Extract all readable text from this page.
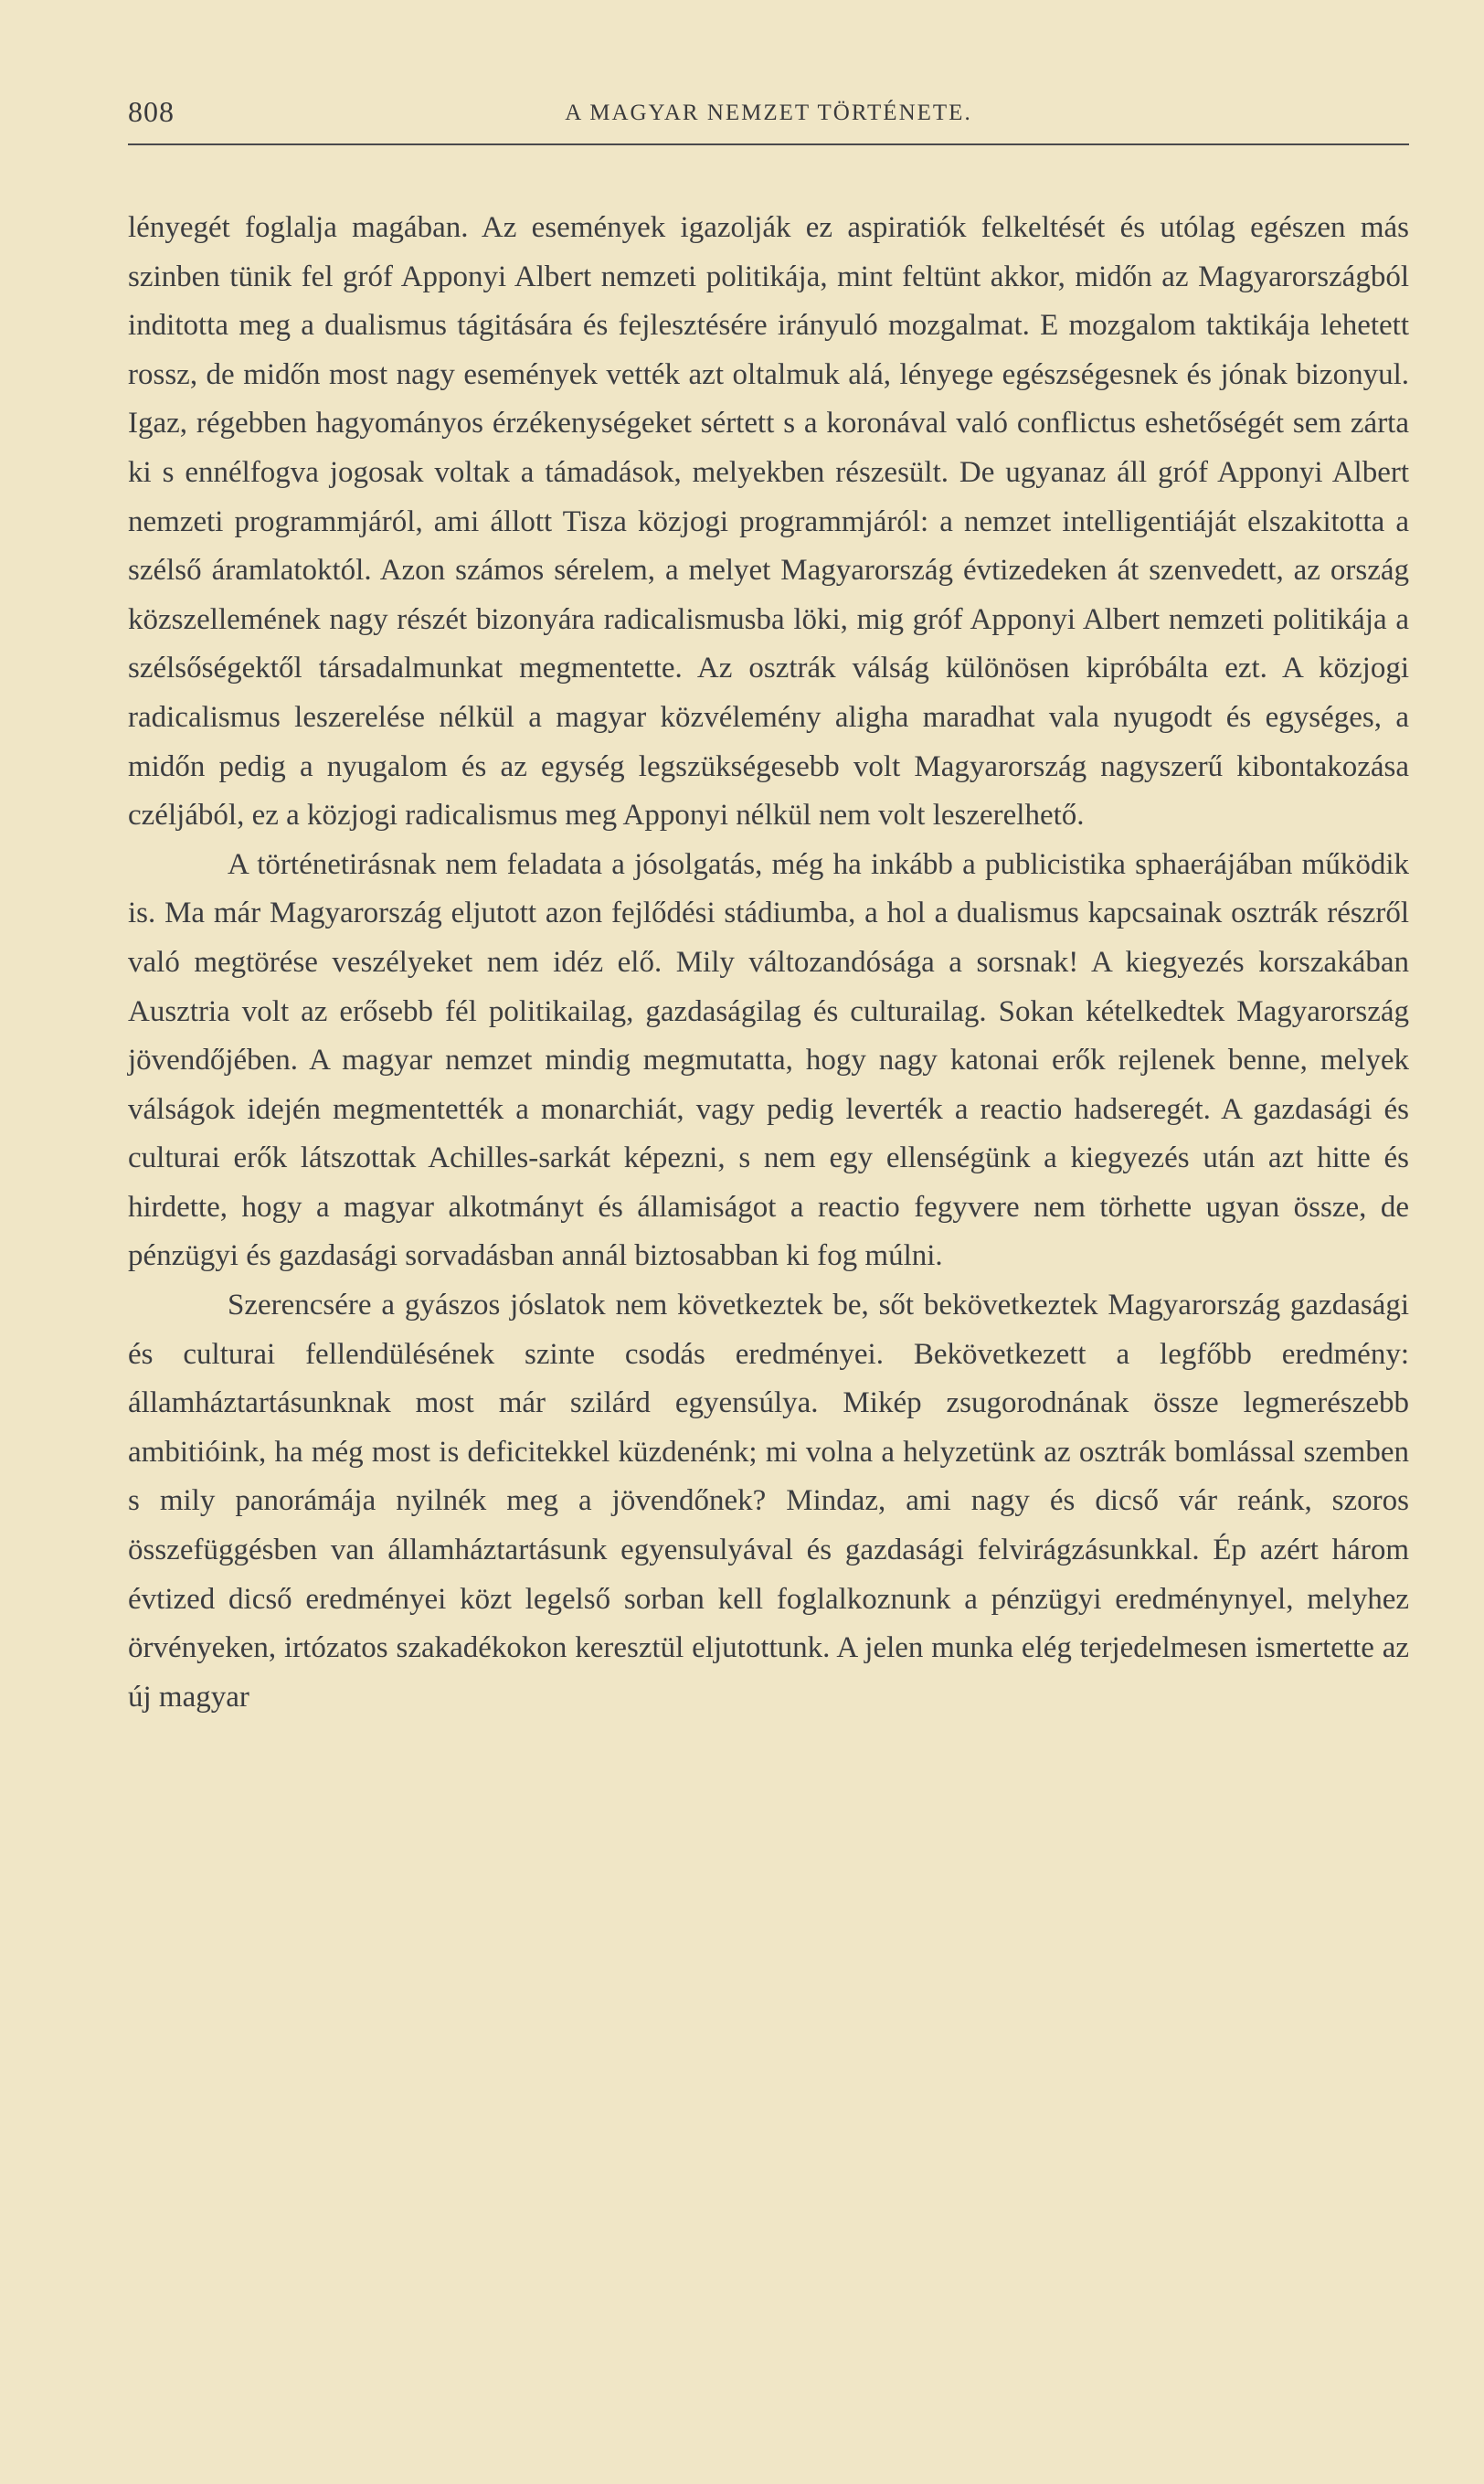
808	A MAGYAR NEMZET TÖRTÉNETE.

lényegét foglalja magában. Az események igazolják ez aspiratiók felkeltését és utólag egészen más szinben tünik fel gróf Apponyi Albert nemzeti politikája, mint feltünt akkor, midőn az Magyarországból inditotta meg a dualismus tágitására és fejlesztésére irányuló mozgalmat. E mozgalom taktikája lehetett rossz, de midőn most nagy események vették azt oltalmuk alá, lényege egészségesnek és jónak bizonyul. Igaz, régebben hagyományos érzékenységeket sértett s a koronával való conflictus eshetőségét sem zárta ki s ennélfogva jogosak voltak a támadások, melyekben részesült. De ugyanaz áll gróf Apponyi Albert nemzeti programmjáról, ami állott Tisza közjogi programmjáról: a nemzet intelligentiáját elszakitotta a szélső áramlatoktól. Azon számos sérelem, a melyet Magyarország évtizedeken át szenvedett, az ország közszellemének nagy részét bizonyára radicalismusba löki, mig gróf Apponyi Albert nemzeti politikája a szélsőségektől társadalmunkat megmentette. Az osztrák válság különösen kipróbálta ezt. A közjogi radicalismus leszerelése nélkül a magyar közvélemény aligha maradhat vala nyugodt és egységes, a midőn pedig a nyugalom és az egység legszükségesebb volt Magyarország nagyszerű kibontakozása czéljából, ez a közjogi radicalismus meg Apponyi nélkül nem volt leszerelhető.

A történetirásnak nem feladata a jósolgatás, még ha inkább a publicistika sphaerájában működik is. Ma már Magyarország eljutott azon fejlődési stádiumba, a hol a dualismus kapcsainak osztrák részről való megtörése veszélyeket nem idéz elő. Mily változandósága a sorsnak! A kiegyezés korszakában Ausztria volt az erősebb fél politikailag, gazdaságilag és culturailag. Sokan kételkedtek Magyarország jövendőjében. A magyar nemzet mindig megmutatta, hogy nagy katonai erők rejlenek benne, melyek válságok idején megmentették a monarchiát, vagy pedig leverték a reactio hadseregét. A gazdasági és culturai erők látszottak Achilles-sarkát képezni, s nem egy ellenségünk a kiegyezés után azt hitte és hirdette, hogy a magyar alkotmányt és államiságot a reactio fegyvere nem törhette ugyan össze, de pénzügyi és gazdasági sorvadásban annál biztosabban ki fog múlni.

Szerencsére a gyászos jóslatok nem következtek be, sőt bekövetkeztek Magyarország gazdasági és culturai fellendülésének szinte csodás eredményei. Bekövetkezett a legfőbb eredmény: államháztartásunknak most már szilárd egyensúlya. Mikép zsugorodnának össze legmerészebb ambitióink, ha még most is deficitekkel küzdenénk; mi volna a helyzetünk az osztrák bomlással szemben s mily panorámája nyilnék meg a jövendőnek? Mindaz, ami nagy és dicső vár reánk, szoros összefüggésben van államháztartásunk egyensulyával és gazdasági felvirágzásunkkal. Ép azért három évtized dicső eredményei közt legelső sorban kell foglalkoznunk a pénzügyi eredménynyel, melyhez örvényeken, irtózatos szakadékokon keresztül eljutottunk. A jelen munka elég terjedelmesen ismertette az új magyar
